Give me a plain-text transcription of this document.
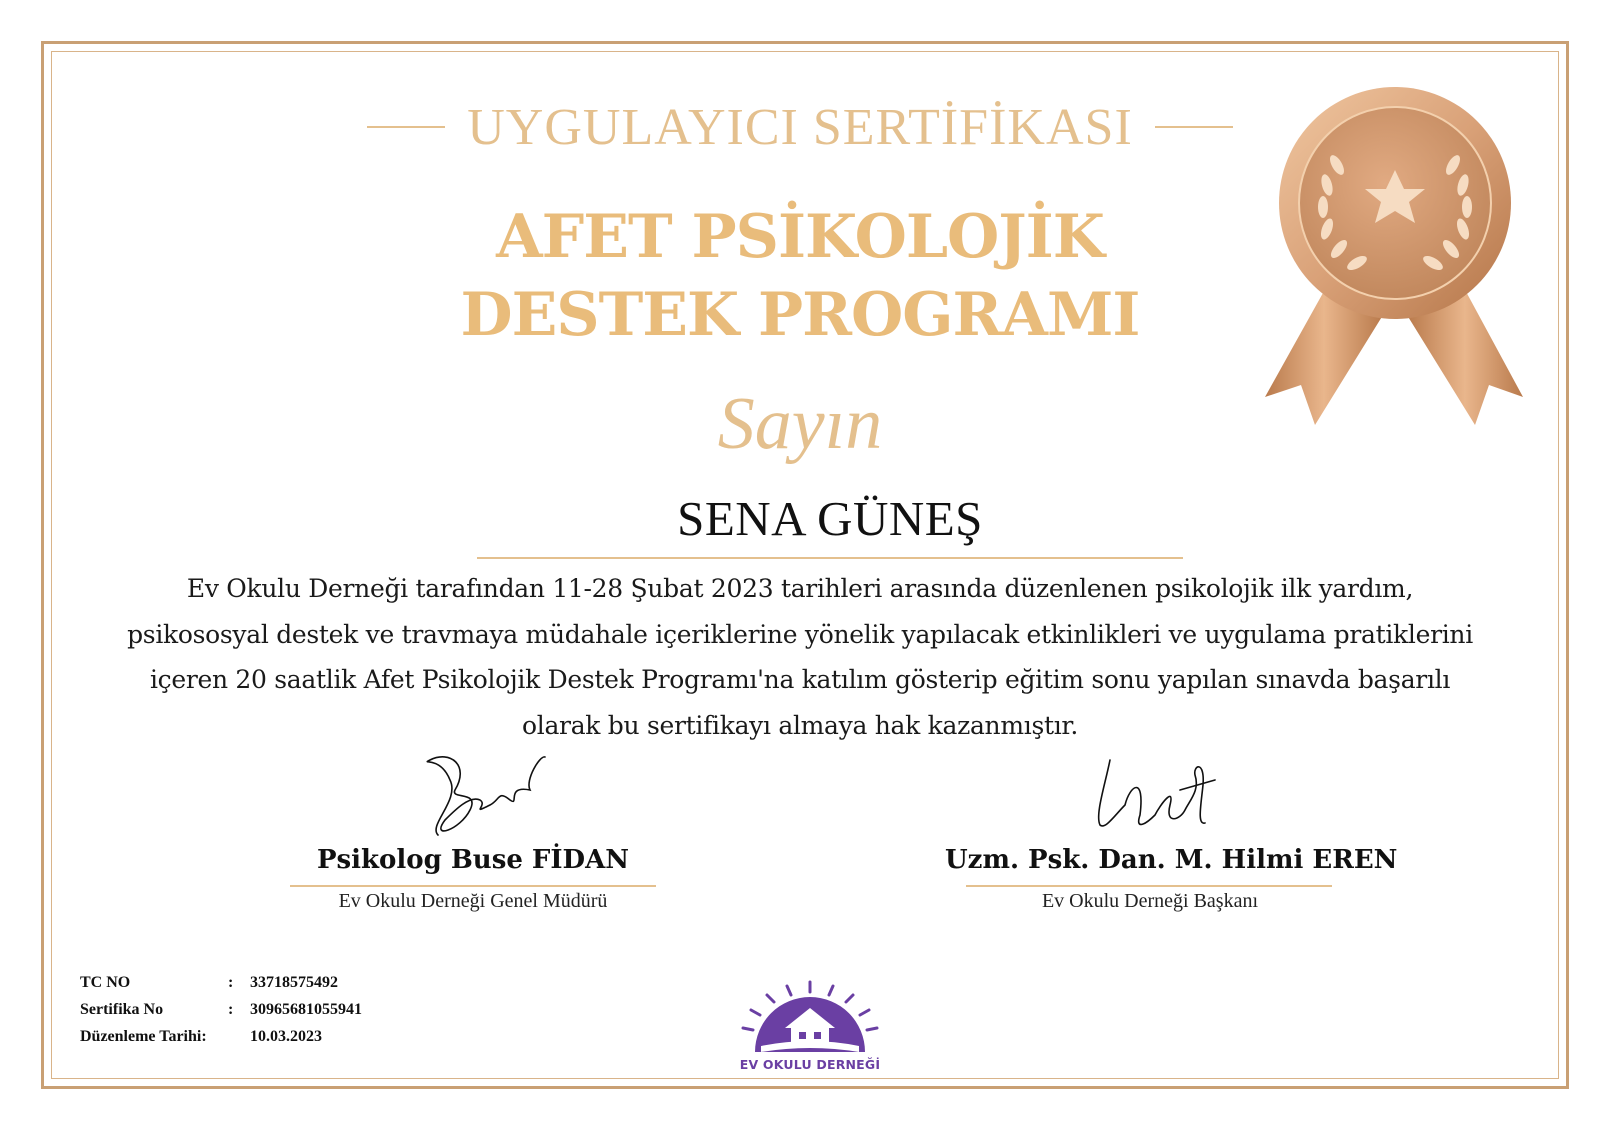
UYGULAYICI SERTİFİKASI
AFET PSİKOLOJİK
DESTEK PROGRAMI
Sayın
SENA GÜNEŞ
Ev Okulu Derneği tarafından 11-28 Şubat 2023 tarihleri arasında düzenlenen psikolojik ilk yardım, psikososyal destek ve travmaya müdahale içeriklerine yönelik yapılacak etkinlikleri ve uygulama pratiklerini içeren 20 saatlik Afet Psikolojik Destek Programı'na katılım gösterip eğitim sonu yapılan sınavda başarılı olarak bu sertifikayı almaya hak kazanmıştır.
Psikolog Buse FİDAN
Ev Okulu Derneği Genel Müdürü
Uzm. Psk. Dan. M. Hilmi EREN
Ev Okulu Derneği Başkanı
TC NO	:	33718575492
Sertifika No	:	30965681055941
Düzenleme Tarihi:	10.03.2023
EV OKULU DERNEĞİ
